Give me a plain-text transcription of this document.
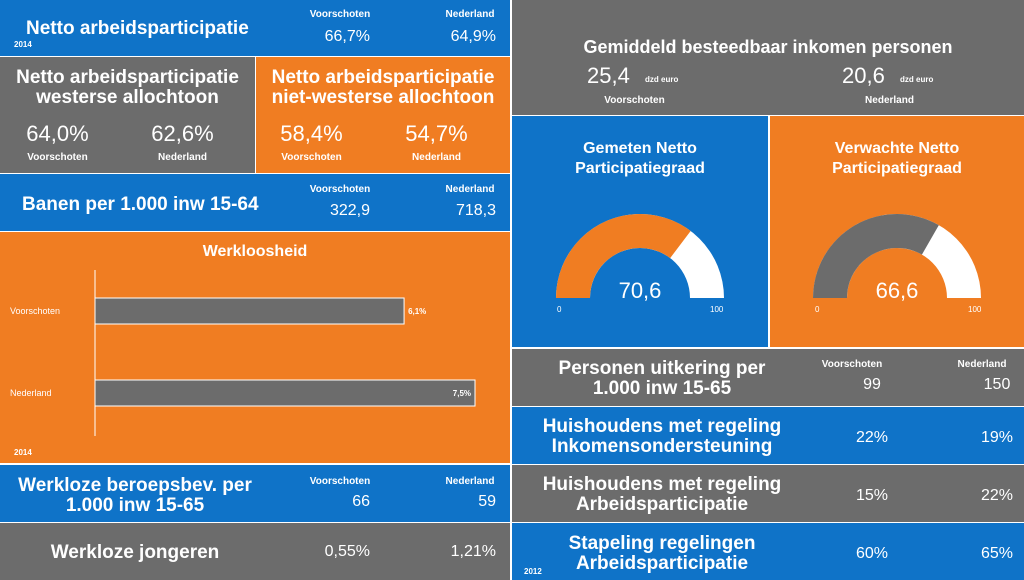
Netto arbeidsparticipatie
2014
Voorschoten	Nederland
66,7%	64,9%
Netto arbeidsparticipatie
westerse allochtoon
64,0%	62,6%
Voorschoten	Nederland
Netto arbeidsparticipatie
niet-westerse allochtoon
58,4%	54,7%
Voorschoten	Nederland
Banen per 1.000 inw 15-64
Voorschoten	Nederland
322,9	718,3
Werkloosheid
2014
Voorschoten	6,1%
Nederland	7,5%
Werkloze beroepsbev. per
1.000 inw 15-65
Voorschoten	Nederland
66	59
Werkloze jongeren	0,55%	1,21%
Gemiddeld besteedbaar inkomen personen
25,4 dzd euro
Voorschoten
20,6 dzd euro
Nederland
Gemeten Netto
Participatiegraad
70,6
0	100
Verwachte Netto
Participatiegraad
66,6
0	100
Personen uitkering per
1.000 inw 15-65
Voorschoten	Nederland
99	150
Huishoudens met regeling
Inkomensondersteuning	22%	19%
Huishoudens met regeling
Arbeidsparticipatie	15%	22%
Stapeling regelingen
Arbeidsparticipatie
2012
60%	65%
